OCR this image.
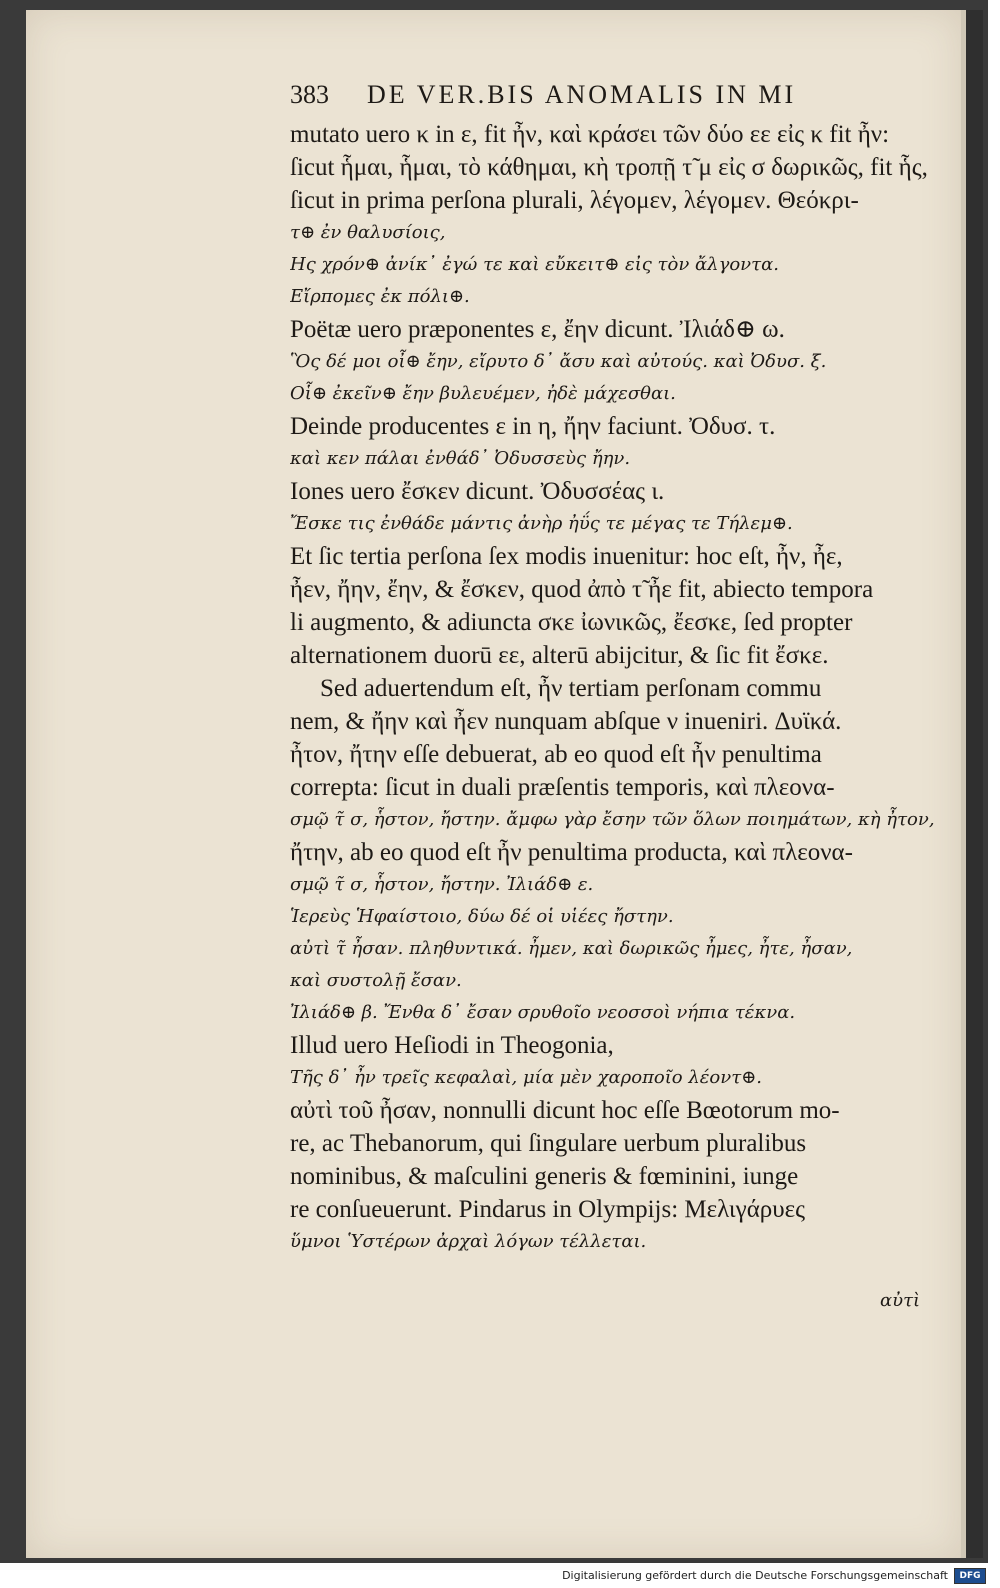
383 DE VER.BIS ANOMALIS IN MI
mutato uero κ in ε, fit ἦν, καὶ κράσει τῶν δύο εε εἰς κ fit ἦν:
ſicut ἧμαι, ἧμαι, τὸ κάθημαι, κὴ τροπῇ τ̃ μ εἰς σ δωρικῶς, fit ἧς,
ſicut in prima perſona plurali, λέγομεν, λέγομεν. Θεόκρι-
τ⊕ ἐν θαλυσίοις,
Ης χρόν⊕ ἀνίκ᾽ ἐγώ τε καὶ εὔκειτ⊕ εἰς τὸν ἄλγοντα.
Εἴρπομες ἐκ πόλι⊕.
Poëtæ uero præponentes ε, ἔην dicunt. Ἰλιάδ⊕ ω.
Ὃς δέ μοι οἶ⊕ ἔην, εἴρυτο δ᾽ ἄσυ καὶ αὐτούς. καὶ Ὀδυσ. ξ.
Οἷ⊕ ἐκεῖν⊕ ἔην βυλευέμεν, ἠδὲ μάχεσθαι.
Deinde producentes ε in η, ἤην faciunt. Ὀδυσ. τ.
καὶ κεν πάλαι ἐνθάδ᾽ Ὀδυσσεὺς ἤην.
Iones uero ἔσκεν dicunt. Ὀδυσσέας ι.
Ἔσκε τις ἐνθάδε μάντις ἀνὴρ ἠΰς τε μέγας τε Τήλεμ⊕.
Et ſic tertia perſona ſex modis inuenitur: hoc eſt, ἦν, ἦε,
ἦεν, ἤην, ἔην, & ἔσκεν, quod ἀπὸ τ̃ ἦε fit, abiecto tempora
li augmento, & adiuncta σκε ἰωνικῶς, ἔεσκε, ſed propter
alternationem duorū εε, alterū abijcitur, & ſic fit ἔσκε.
Sed aduertendum eſt, ἦν tertiam perſonam commu
nem, & ἤην καὶ ἦεν nunquam abſque ν inueniri. Δυϊκά.
ἦτον, ἤτην eſſe debuerat, ab eo quod eſt ἦν penultima
correpta: ſicut in duali præſentis temporis, καὶ πλεονα-
σμῷ τ̃ σ, ἧστον, ἤστην. ἄμφω γὰρ ἔσην τῶν ὅλων ποιημάτων, κὴ ἦτον,
ἤτην, ab eo quod eſt ἦν penultima producta, καὶ πλεονα-
σμῷ τ̃ σ, ἧστον, ἤστην. Ἰλιάδ⊕ ε.
Ἱερεὺς Ἡφαίστοιο, δύω δέ οἱ υἱέες ἤστην.
αὐτὶ τ̃ ἦσαν. πληθυντικά. ἦμεν, καὶ δωρικῶς ἦμες, ἦτε, ἦσαν,
καὶ συστολῇ ἔσαν.
Ἰλιάδ⊕ β. Ἔνθα δ᾽ ἔσαν σρυθοῖο νεοσσοὶ νήπια τέκνα.
Illud uero Heſiodi in Theogonia,
Τῆς δ᾽ ἦν τρεῖς κεφαλαὶ, μία μὲν χαροποῖο λέοντ⊕.
αὐτὶ τοῦ ἦσαν, nonnulli dicunt hoc eſſe Bœotorum mo-
re, ac Thebanorum, qui ſingulare uerbum pluralibus
nominibus, & maſculini generis & fœminini, iunge
re conſueuerunt. Pindarus in Olympijs: Μελιγάρυες
ὕμνοι Ὑστέρων ἀρχαὶ λόγων τέλλεται.
αὐτὶ
Digitalisierung gefördert durch die Deutsche Forschungsgemeinschaft	DFG
